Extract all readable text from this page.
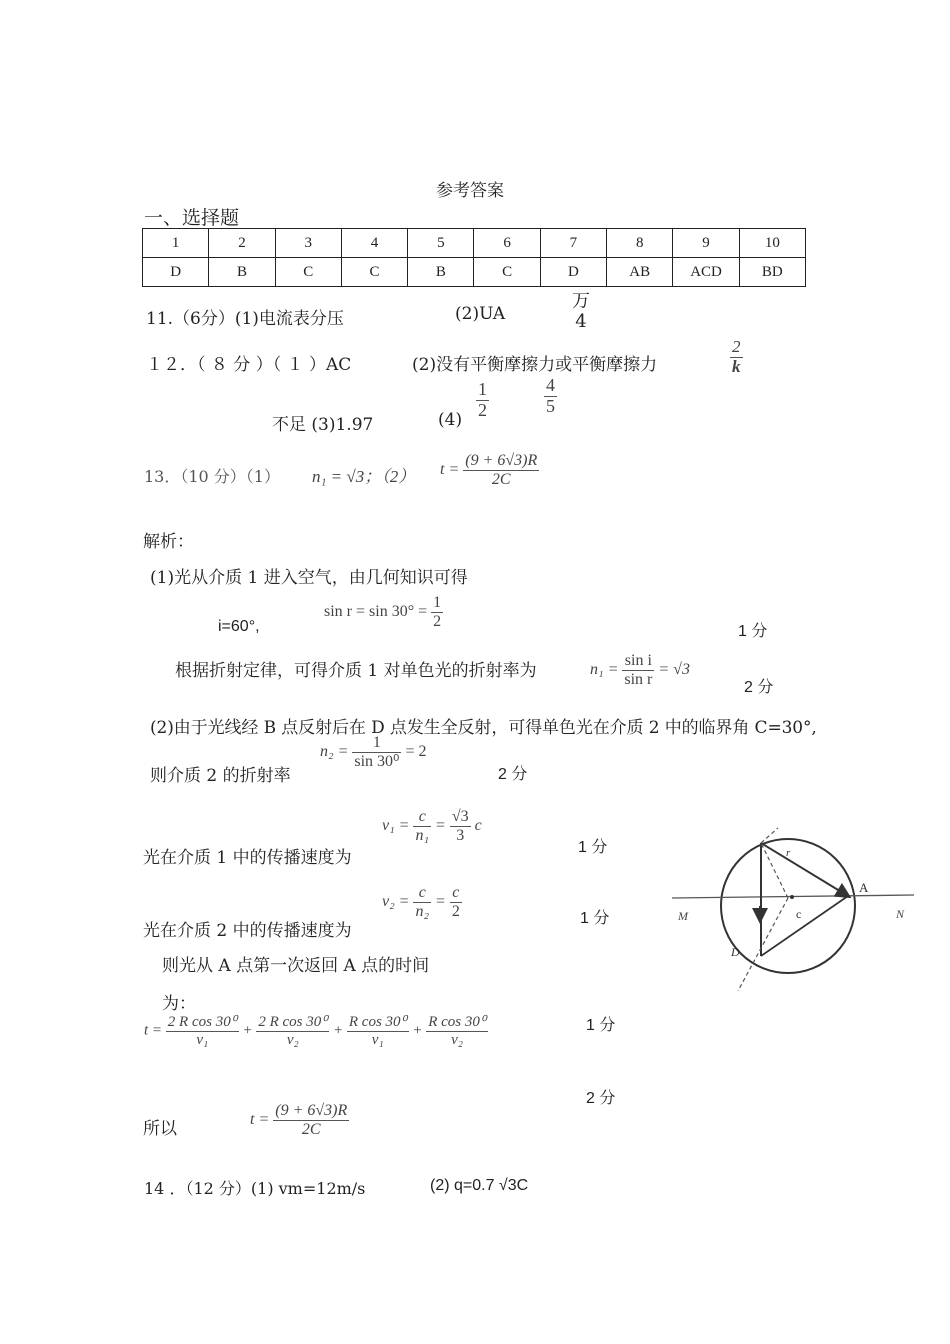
参考答案
一、选择题
1	2	3	4	5	6	7	8	9	10
D	B	C	C	B	C	D	AB	ACD	BD
11.（6分）(1)电流表分压	(2)UA
万
4
１２．（ ８ 分 ）（ １ ）AC	(2)没有平衡摩擦力或平衡摩擦力	$\frac{2}{k}$
不足 (3)1.97	$(4) \frac{1}{2}$	$\frac{4}{5}$
13．（10 分）（1） n₁ = √3；（2） $t = \frac{(9 + 6√3)R}{2C}$
解析：
(1)光从介质 1 进入空气，由几何知识可得
i=60°,
$\sin r = \sin 30^\circ = \frac{1}{2}$
1 分
根据折射定律，可得介质 1 对单色光的折射率为	$n_1 = \frac{\text{sin i}}{\text{sin r}} = √3$
2 分
(2)由于光线经 B 点反射后在 D 点发生全反射，可得单色光在介质 2 中的临界角 C=30°,
则介质 2 的折射率
$n_2 = \frac{1}{\text{sin 30⁰}} = 2$
2 分
光在介质 1 中的传播速度为
$v_1 = \frac{c}{\text{n₁}} = \frac{√3}{3}$ c
1 分
光在介质 2 中的传播速度为
$v_2 = \frac{c}{\text{n₂}} = \frac{c}{2}$	1 分
则光从 A 点第一次返回 A 点的时间
为：
$t = \frac{\text{2 R cos 30⁰}}{\text{v₁}} + \frac{\text{2 R cos 30⁰}}{\text{v₂}} + \frac{\text{R cos 30⁰}}{\text{v₁}} + \frac{\text{R cos 30⁰}}{\text{v₂}}$	1 分
2 分
所以	$t = \frac{(9 + 6√3)R}{2C}$
14 ．（12 分）(1) vm=12m/s	(2) q=0.7 √3C
r
A
M	N
c
D
